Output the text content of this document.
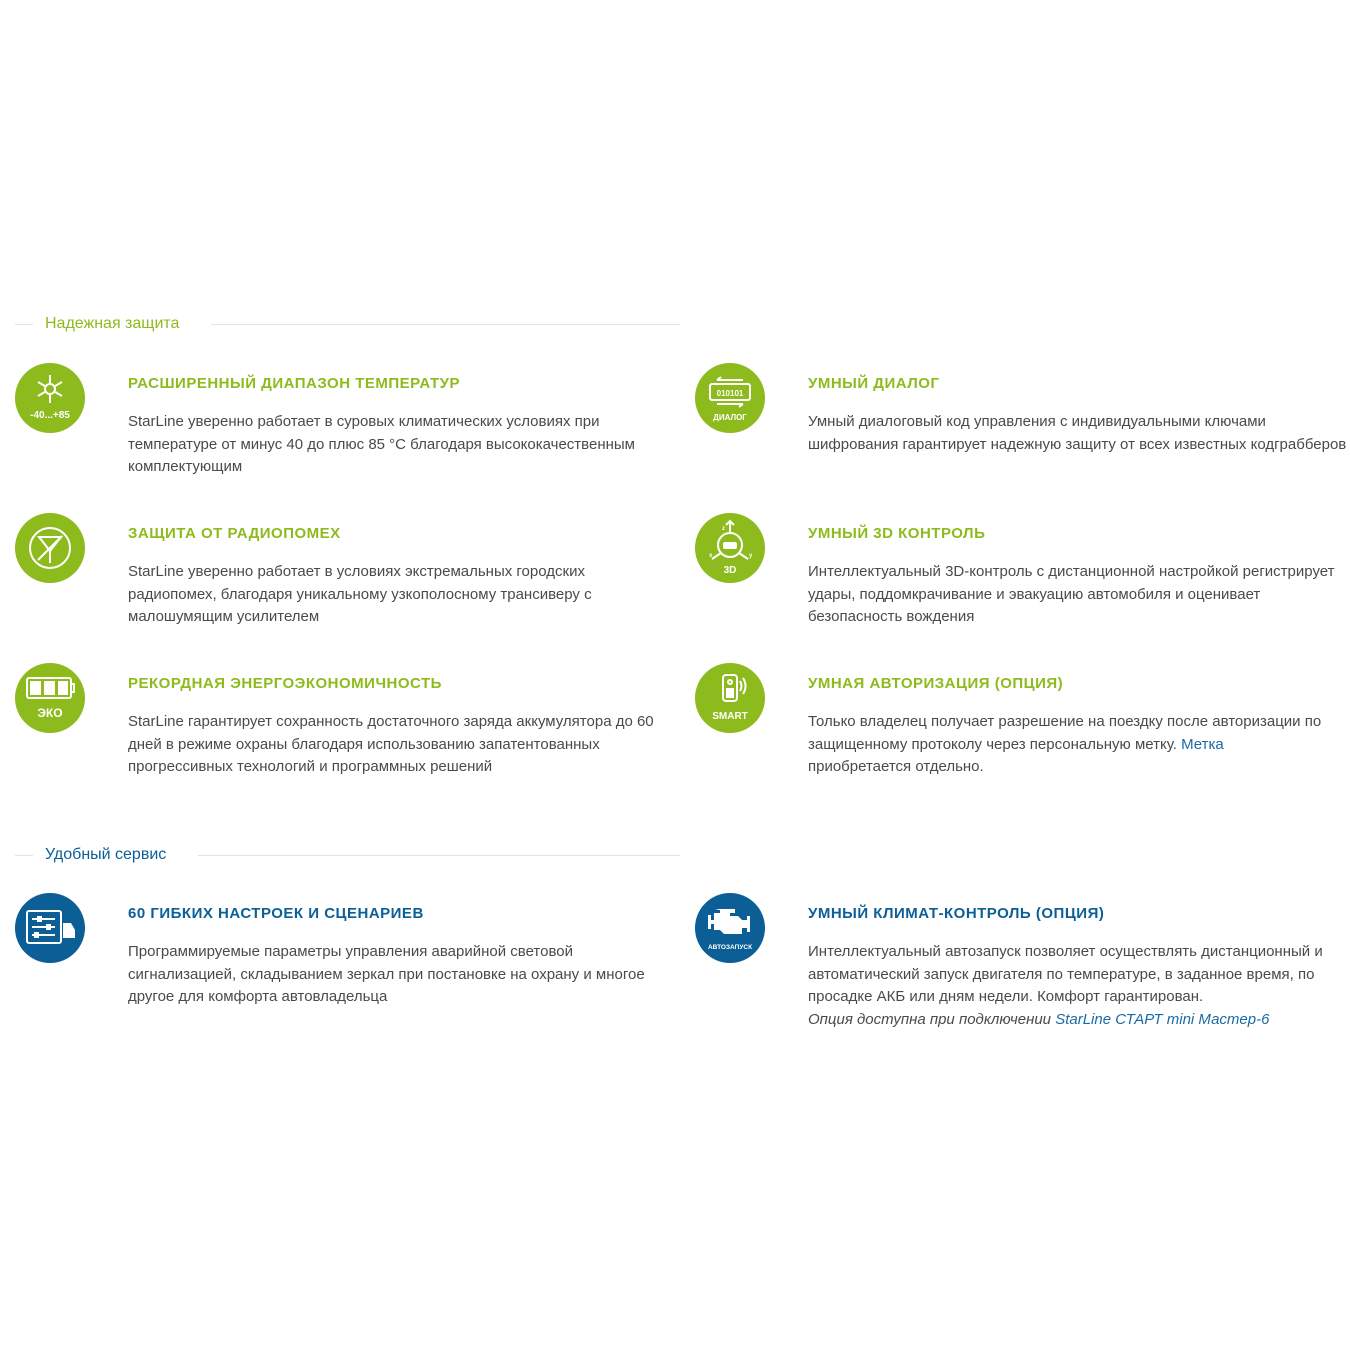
Надежная защита
-40...+85
РАСШИРЕННЫЙ ДИАПАЗОН ТЕМПЕРАТУР
StarLine уверенно работает в суровых климатических условиях при температуре от минус 40 до плюс 85 °С благодаря высококачественным комплектующим
010101
ДИАЛОГ
УМНЫЙ ДИАЛОГ
Умный диалоговый код управления с индивидуальными ключами шифрования гарантирует надежную защиту от всех известных кодграбберов
ЗАЩИТА ОТ РАДИОПОМЕХ
StarLine уверенно работает в условиях экстремальных городских радиопомех, благодаря уникальному узкополосному трансиверу с малошумящим усилителем
z
x	y
3D
УМНЫЙ 3D КОНТРОЛЬ
Интеллектуальный 3D-контроль с дистанционной настройкой регистрирует удары, поддомкрачивание и эвакуацию автомобиля и оценивает безопасность вождения
ЭКО
РЕКОРДНАЯ ЭНЕРГОЭКОНОМИЧНОСТЬ
StarLine гарантирует сохранность достаточного заряда аккумулятора до 60 дней в режиме охраны благодаря использованию запатентованных прогрессивных технологий и программных решений
SMART
УМНАЯ АВТОРИЗАЦИЯ (ОПЦИЯ)
Только владелец получает разрешение на поездку после авторизации по защищенному протоколу через персональную метку. Метка
приобретается отдельно.
Удобный сервис
60 ГИБКИХ НАСТРОЕК И СЦЕНАРИЕВ
Программируемые параметры управления аварийной световой сигнализацией, складыванием зеркал при постановке на охрану и многое другое для комфорта автовладельца
АВТОЗАПУСК
УМНЫЙ КЛИМАТ-КОНТРОЛЬ (ОПЦИЯ)
Интеллектуальный автозапуск позволяет осуществлять дистанционный и автоматический запуск двигателя по температуре, в заданное время, по просадке АКБ или дням недели. Комфорт гарантирован.
Опция доступна при подключении StarLine СТАРТ mini Мастер-6
